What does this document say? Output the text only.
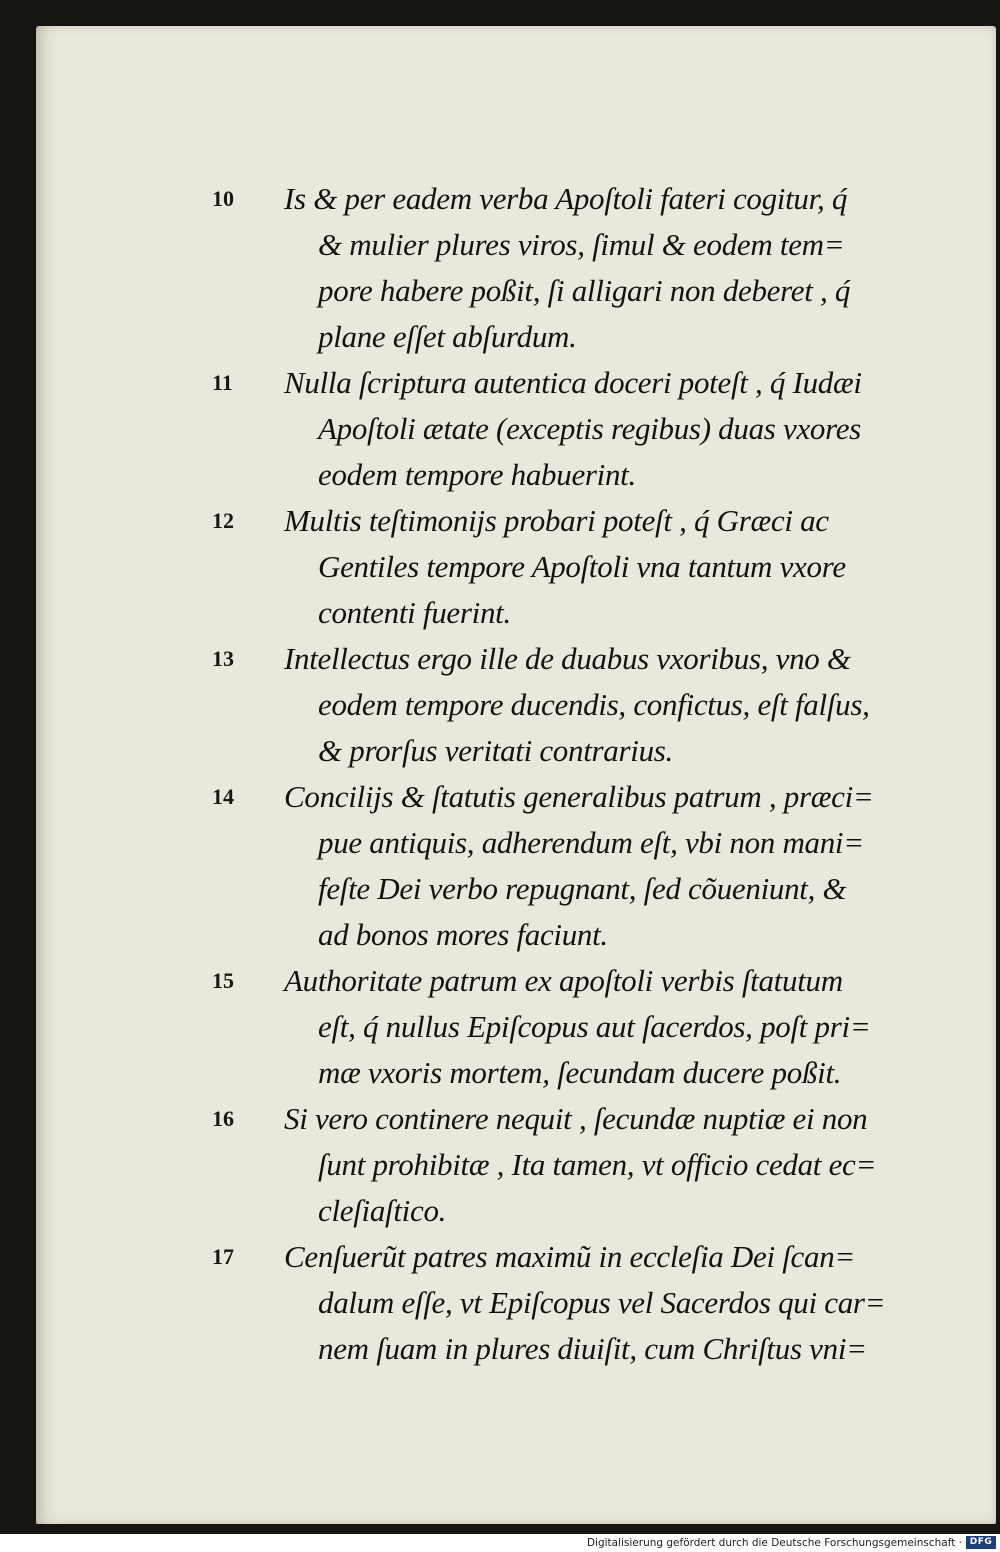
10	Is & per eadem verba Apoſtoli fateri cogitur, q́
& mulier plures viros, ſimul & eodem tem=
pore habere poßit, ſi alligari non deberet , q́
plane eſſet abſurdum.
11	Nulla ſcriptura autentica doceri poteſt , q́ Iudæi
Apoſtoli ætate (exceptis regibus) duas vxores
eodem tempore habuerint.
12	Multis teſtimonijs probari poteſt , q́ Græci ac
Gentiles tempore Apoſtoli vna tantum vxore
contenti fuerint.
13	Intellectus ergo ille de duabus vxoribus, vno &
eodem tempore ducendis, confictus, eſt falſus,
& prorſus veritati contrarius.
14	Concilijs & ſtatutis generalibus patrum , præci=
pue antiquis, adherendum eſt, vbi non mani=
feſte Dei verbo repugnant, ſed cõueniunt, &
ad bonos mores faciunt.
15	Authoritate patrum ex apoſtoli verbis ſtatutum
eſt, q́ nullus Epiſcopus aut ſacerdos, poſt pri=
mæ vxoris mortem, ſecundam ducere poßit.
16	Si vero continere nequit , ſecundæ nuptiæ ei non
ſunt prohibitæ , Ita tamen, vt officio cedat ec=
cleſiaſtico.
17	Cenſuerũt patres maximũ in eccleſia Dei ſcan=
dalum eſſe, vt Epiſcopus vel Sacerdos qui car=
nem ſuam in plures diuiſit, cum Chriſtus vni=
Digitalisierung gefördert durch die Deutsche Forschungsgemeinschaft · DFG
